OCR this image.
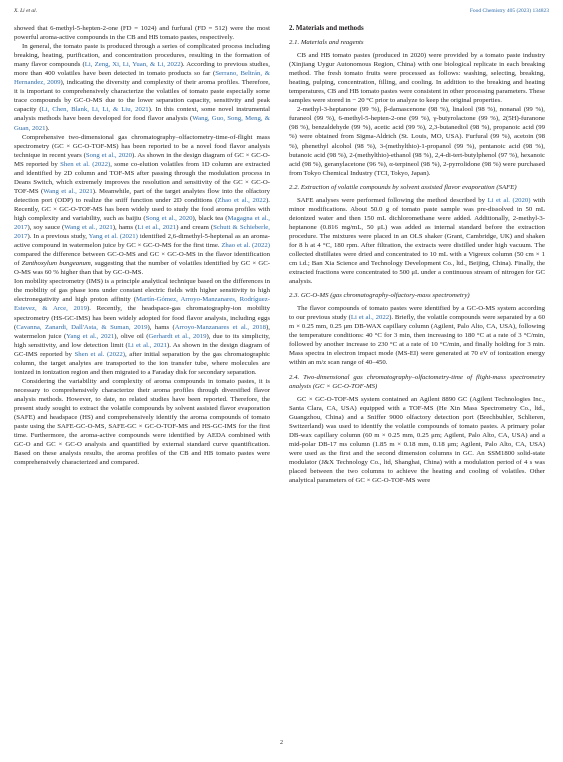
X. Li et al.	Food Chemistry 405 (2023) 134823

showed that 6-methyl-5-hepten-2-one (FD = 1024) and furfural (FD = 512) were the most powerful aroma-active compounds in the CB and HB tomato pastes, respectively.

In general, the tomato paste is produced through a series of complicated process including breaking, heating, purification, and concentration procedures, resulting in the formation of many flavor compounds (Li, Zeng, Xi, Li, Yuan, & Li, 2022). According to previous studies, more than 400 volatiles have been detected in tomato products so far (Serrano, Beltrán, & Hernandez, 2009), indicating the diversity and complexity of their aroma profiles. Therefore, it is important to comprehensively characterize the volatiles of tomato paste especially some trace compounds by GC-O-MS due to the lower separation capacity, sensitivity and peak capacity (Li, Chen, Blank, Li, Li, & Liu, 2021). In this context, some novel instrumental analysis methods have been developed for food flavor analysis (Wang, Guo, Song, Meng, & Guan, 2021).

Comprehensive two-dimensional gas chromatography–olfactometry-time-of-flight mass spectrometry (GC × GC-O-TOF-MS) has been reported to be a novel food flavor analysis technique in recent years (Song et al., 2020). As shown in the design diagram of GC × GC-O-MS reported by Shen et al. (2022), some co-elution volatiles from 1D column are extracted and identified by 2D column and TOF-MS after passing through the modulation process in Deans Switch, which extremely improves the resolution and sensitivity of the GC × GC-O-TOF-MS (Wang et al., 2021). Meanwhile, part of the target analytes flow into the olfactory detection port (ODP) to realize the sniff function under 2D conditions (Zhao et al., 2022). Recently, GC × GC-O-TOF-MS has been widely used to study the food aroma profiles with high complexity and variability, such as baijiu (Song et al., 2020), black tea (Magagna et al., 2017), soy sauce (Wang et al., 2021), hams (Li et al., 2021) and cream (Schutt & Schieberle, 2017). In a previous study, Yang et al. (2021) identified 2,6-dimethyl-5-heptenal as an aroma-active compound in watermelon juice by GC × GC-O-MS for the first time. Zhao et al. (2022) compared the difference between GC-O-MS and GC × GC-O-MS in the flavor identification of Zanthoxylum bungeanum, suggesting that the number of volatiles identified by GC × GC-O-MS was 60 % higher than that by GC-O-MS.

Ion mobility spectrometry (IMS) is a principle analytical technique based on the differences in the mobility of gas phase ions under constant electric fields with higher sensitivity to high electronegativity and high proton affinity (Martín-Gómez, Arroyo-Manzanares, Rodríguez-Estevez, & Arce, 2019). Recently, the headspace-gas chromatography-ion mobility spectrometry (HS-GC-IMS) has been widely adopted for food flavor analysis, including eggs (Cavanna, Zanardi, Dall'Asta, & Suman, 2019), hams (Arroyo-Manzanares et al., 2018), watermelon juice (Yang et al., 2021), olive oil (Gerhardt et al., 2019), due to its simplicity, high sensitivity, and low detection limit (Li et al., 2021). As shown in the design diagram of GC-IMS reported by Shen et al. (2022), after initial separation by the gas chromatographic column, the target analytes are transported to the ion transfer tube, where molecules are ionized in ionization region and then migrated to a Faraday disk for secondary separation.

Considering the variability and complexity of aroma compounds in tomato pastes, it is necessary to comprehensively characterize their aroma profiles through diversified flavor analysis methods. However, to date, no related studies have been reported. Therefore, the present study sought to extract the volatile compounds by solvent assisted flavor evaporation (SAFE) and headspace (HS) and comprehensively identify the aroma compounds of tomato paste using the SAFE-GC-O-MS, SAFE-GC × GC-O-TOF-MS and HS-GC-IMS for the first time. Furthermore, the aroma-active compounds were identified by AEDA combined with GC-O and GC × GC-O analysis and quantified by external standard curve quantification. Based on these analysis results, the aroma profiles of the CB and HB tomato pastes were comprehensively characterized and compared.

2. Materials and methods
2.1. Materials and reagents

CB and HB tomato pastes (produced in 2020) were provided by a tomato paste industry (Xinjiang Uygur Autonomous Region, China) with one biological replicate in each breaking method. The fresh tomato fruits were processed as follows: washing, selecting, breaking, heating, pulping, concentration, filling, and cooling. In addition to the breaking and heating temperatures, CB and HB tomato pastes were consistent in other processing parameters. These samples were stored in − 20 °C prior to analyze to keep the original properties.

2-methyl-3-heptanone (99 %), β-damascenone (98 %), linalool (98 %), nonanal (99 %), furaneol (99 %), 6-methyl-5-hepten-2-one (99 %), γ-butyrolactone (99 %), 2(5H)-furanone (98 %), benzaldehyde (99 %), acetic acid (99 %), 2,3-butanediol (98 %), propanoic acid (99 %) were obtained from Sigma-Aldrich (St. Louis, MO, USA). Furfural (99 %), acetoin (98 %), phenethyl alcohol (98 %), 3-(methylthio)-1-propanol (99 %), pentanoic acid (98 %), butanoic acid (98 %), 2-(methylthio)-ethanol (98 %), 2,4-di-tert-butylphenol (97 %), hexanoic acid (98 %), geranylacetone (96 %), α-terpineol (98 %), 2-pyrrolidone (98 %) were purchased from Tokyo Chemical Industry (TCI, Tokyo, Japan).

2.2. Extraction of volatile compounds by solvent assisted flavor evaporation (SAFE)

SAFE analyses were performed following the method described by Li et al. (2020) with minor modifications. About 50.0 g of tomato paste sample was pre-dissolved in 50 mL deionized water and then 150 mL dichloromethane were added. Additionally, 2-methyl-3-heptanone (0.816 mg/mL, 50 μL) was added as internal standard before the extraction procedure. The mixtures were placed in an OLS shaker (Grant, Cambridge, UK) and shaken for 8 h at 4 °C, 180 rpm. After filtration, the extracts were distilled under high vacuum. The collected distillates were dried and concentrated to 10 mL with a Vigreux column (50 cm × 1 cm i.d.; Ban Xia Science and Technology Development Co., ltd., Beijing, China). Finally, the extracted fractions were concentrated to 500 μL under a continuous stream of nitrogen for GC analysis.

2.3. GC-O-MS (gas chromatography-olfactory-mass spectrometry)

The flavor compounds of tomato pastes were identified by a GC-O-MS system according to our previous study (Li et al., 2022). Briefly, the volatile compounds were separated by a 60 m × 0.25 mm, 0.25 μm DB-WAX capillary column (Agilent, Palo Alto, CA, USA), following the temperature conditions: 40 °C for 3 min, then increasing to 180 °C at a rate of 3 °C/min, followed by another increase to 230 °C at a rate of 10 °C/min, and finally holding for 3 min. Mass spectra in electron impact mode (MS-EI) were generated at 70 eV of ionization energy within an m/z scan range of 40–450.

2.4. Two-dimensional gas chromatography–olfactometry-time of flight-mass spectrometry analysis (GC × GC-O-TOF-MS)

GC × GC-O-TOF-MS system contained an Agilent 8890 GC (Agilent Technologies Inc., Santa Clara, CA, USA) equipped with a TOF-MS (He Xin Mass Spectrometry Co., ltd., Guangzhou, China) and a Sniffer 9000 olfactory detection port (Brechbuhler, Schlieren, Switzerland) was used to identify the volatile compounds of tomato pastes. A primary polar DB-wax capillary column (60 m × 0.25 mm, 0.25 μm; Agilent, Palo Alto, CA, USA) and a mid-polar DB-17 ms column (1.85 m × 0.18 mm, 0.18 μm; Agilent, Palo Alto, CA, USA) were used as the first and the second dimension columns in GC. An SSM1800 solid-state modulator (J&X Technology Co., ltd, Shanghai, China) with a modulation period of 4 s was placed between the two columns to achieve the heating and cooling of volatiles. Other analytical parameters of GC × GC-O-TOF-MS were

2
